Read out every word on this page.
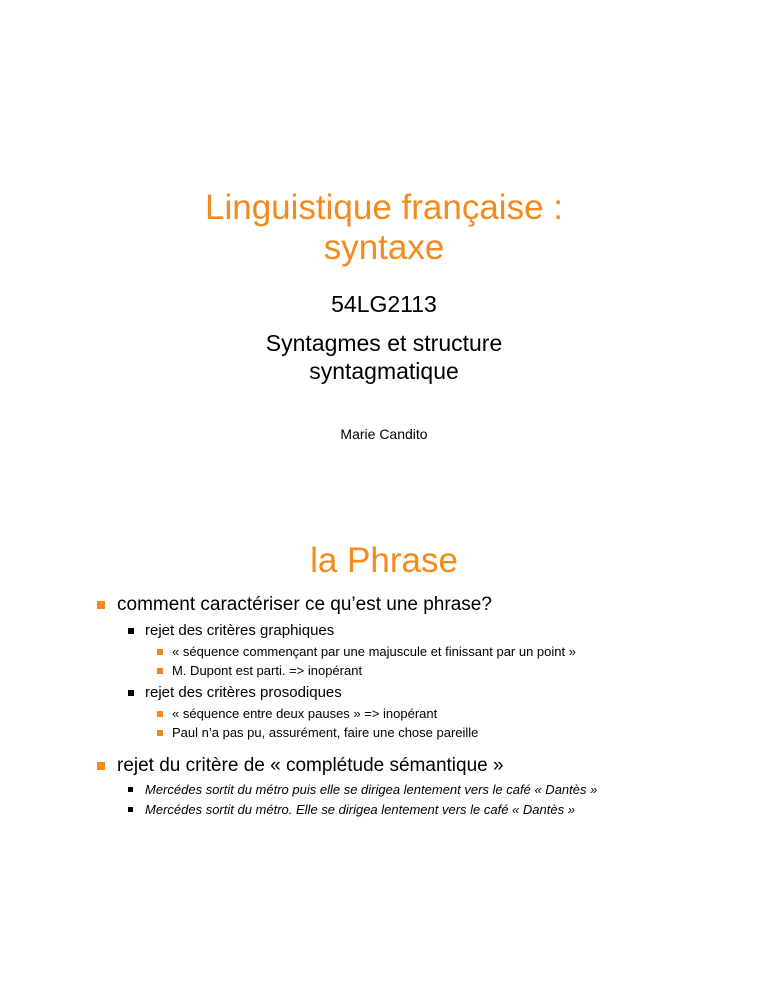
Linguistique française :
syntaxe
54LG2113
Syntagmes et structure
syntagmatique
Marie Candito
la Phrase
comment caractériser ce qu’est une phrase?
rejet des critères graphiques
« séquence commençant par une majuscule et finissant par un point »
M. Dupont est parti. => inopérant
rejet des critères prosodiques
« séquence entre deux pauses » => inopérant
Paul n’a pas pu, assurément, faire une chose pareille
rejet du critère de « complétude sémantique »
Mercédes sortit du métro puis elle se dirigea lentement vers le café « Dantès »
Mercédes sortit du métro. Elle se dirigea lentement vers le café « Dantès »
